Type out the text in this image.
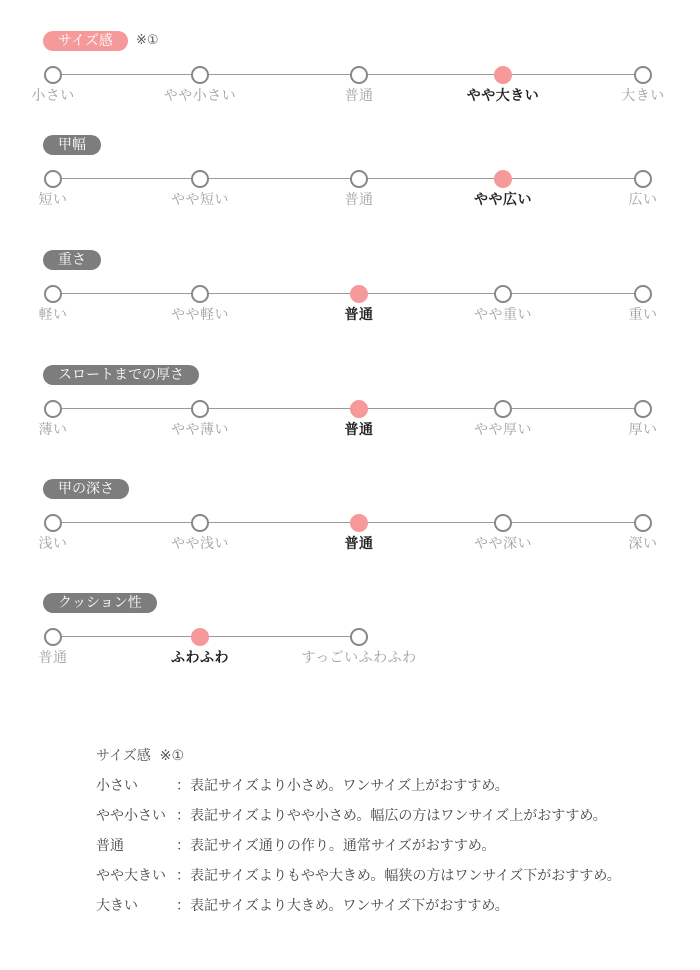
サイズ感	※①
小さい	やや小さい	普通	やや大きい	大きい
甲幅
短い	やや短い	普通	やや広い	広い
重さ
軽い	やや軽い	普通	やや重い	重い
スロートまでの厚さ
薄い	やや薄い	普通	やや厚い	厚い
甲の深さ
浅い	やや浅い	普通	やや深い	深い
クッション性
普通	ふわふわ	すっごいふわふわ
サイズ感 ※①
小さい	：表記サイズより小さめ。ワンサイズ上がおすすめ。
やや小さい ：表記サイズよりやや小さめ。幅広の方はワンサイズ上がおすすめ。
普通	：表記サイズ通りの作り。通常サイズがおすすめ。
やや大きい ：表記サイズよりもやや大きめ。幅狭の方はワンサイズ下がおすすめ。
大きい	：表記サイズより大きめ。ワンサイズ下がおすすめ。
